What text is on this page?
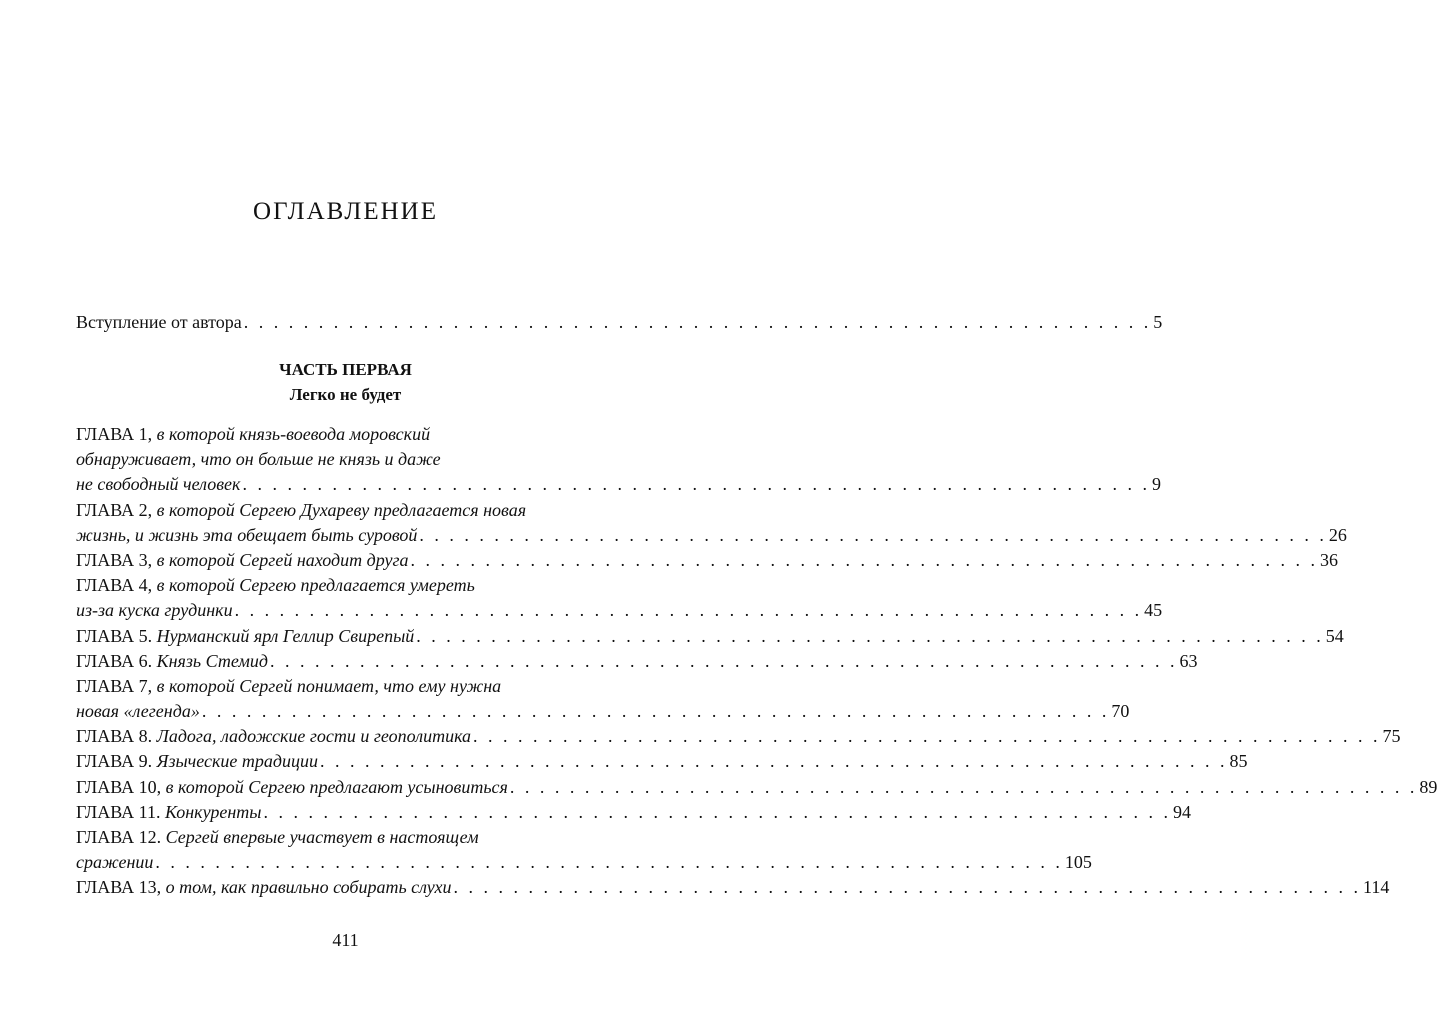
ОГЛАВЛЕНИЕ
Вступление от автора . . . . . . . . . . . . . . . . . . . . . . . . . . . . . . . . . . . . . . . . . . . . . . . . . . . . . . . . . . . . . 5
ЧАСТЬ ПЕРВАЯ
Легко не будет
ГЛАВА 1, в которой князь-воевода моровский
обнаруживает, что он больше не князь и даже
не свободный человек . . . . . . . . . . . . . . . . . . . . . . . . . . . . . . . . . . . . . . . . . . . . . . . . . . . . . . . . . . . . . 9
ГЛАВА 2, в которой Сергею Духареву предлагается новая
жизнь, и жизнь эта обещает быть суровой . . . . . . . . . . . . . . . . . . . . . . . . . . . . . . . . . . . . . . . . . . . . . . . . . . . . . . . . . . . . . 26
ГЛАВА 3, в которой Сергей находит друга . . . . . . . . . . . . . . . . . . . . . . . . . . . . . . . . . . . . . . . . . . . . . . . . . . . . . . . . . . . . . 36
ГЛАВА 4, в которой Сергею предлагается умереть
из-за куска грудинки . . . . . . . . . . . . . . . . . . . . . . . . . . . . . . . . . . . . . . . . . . . . . . . . . . . . . . . . . . . . . 45
ГЛАВА 5. Нурманский ярл Геллир Свирепый . . . . . . . . . . . . . . . . . . . . . . . . . . . . . . . . . . . . . . . . . . . . . . . . . . . . . . . . . . . . . 54
ГЛАВА 6. Князь Стемид . . . . . . . . . . . . . . . . . . . . . . . . . . . . . . . . . . . . . . . . . . . . . . . . . . . . . . . . . . . . . 63
ГЛАВА 7, в которой Сергей понимает, что ему нужна
новая «легенда» . . . . . . . . . . . . . . . . . . . . . . . . . . . . . . . . . . . . . . . . . . . . . . . . . . . . . . . . . . . . . 70
ГЛАВА 8. Ладога, ладожские гости и геополитика . . . . . . . . . . . . . . . . . . . . . . . . . . . . . . . . . . . . . . . . . . . . . . . . . . . . . . . . . . . . . 75
ГЛАВА 9. Языческие традиции . . . . . . . . . . . . . . . . . . . . . . . . . . . . . . . . . . . . . . . . . . . . . . . . . . . . . . . . . . . . . 85
ГЛАВА 10, в которой Сергею предлагают усыновиться . . . . . . . . . . . . . . . . . . . . . . . . . . . . . . . . . . . . . . . . . . . . . . . . . . . . . . . . . . . . . 89
ГЛАВА 11. Конкуренты . . . . . . . . . . . . . . . . . . . . . . . . . . . . . . . . . . . . . . . . . . . . . . . . . . . . . . . . . . . . . 94
ГЛАВА 12. Сергей впервые участвует в настоящем
сражении . . . . . . . . . . . . . . . . . . . . . . . . . . . . . . . . . . . . . . . . . . . . . . . . . . . . . . . . . . . . . 105
ГЛАВА 13, о том, как правильно собирать слухи . . . . . . . . . . . . . . . . . . . . . . . . . . . . . . . . . . . . . . . . . . . . . . . . . . . . . . . . . . . . . 114
411
